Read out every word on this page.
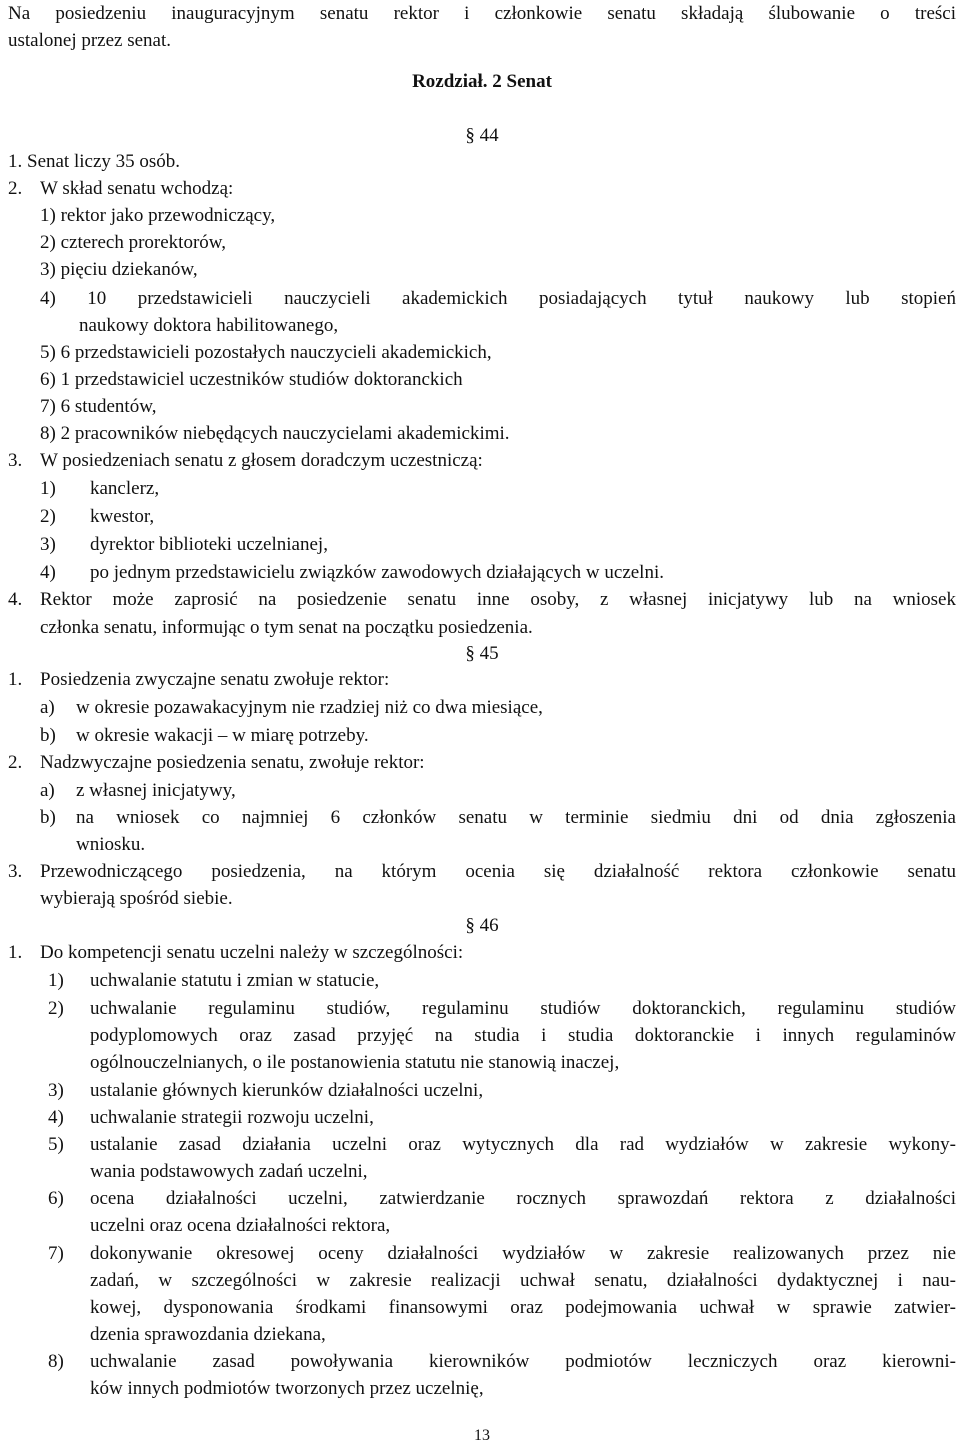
Na posiedzeniu inauguracyjnym senatu rektor i członkowie senatu składają ślubowanie o treści
ustalonej przez senat.
Rozdział. 2 Senat
§ 44
1. Senat liczy 35 osób.
2. W skład senatu wchodzą:
1) rektor jako przewodniczący,
2) czterech prorektorów,
3) pięciu dziekanów,
4) 10 przedstawicieli nauczycieli akademickich posiadających tytuł naukowy lub stopień
naukowy doktora habilitowanego,
5) 6 przedstawicieli pozostałych nauczycieli akademickich,
6) 1 przedstawiciel uczestników studiów doktoranckich
7) 6 studentów,
8) 2 pracowników niebędących nauczycielami akademickimi.
3. W posiedzeniach senatu z głosem doradczym uczestniczą:
1) kanclerz,
2) kwestor,
3) dyrektor biblioteki uczelnianej,
4) po jednym przedstawicielu związków zawodowych działających w uczelni.
4. Rektor może zaprosić na posiedzenie senatu inne osoby, z własnej inicjatywy lub na wniosek
członka senatu, informując o tym senat na początku posiedzenia.
§ 45
1. Posiedzenia zwyczajne senatu zwołuje rektor:
a) w okresie pozawakacyjnym nie rzadziej niż co dwa miesiące,
b) w okresie wakacji – w miarę potrzeby.
2. Nadzwyczajne posiedzenia senatu, zwołuje rektor:
a) z własnej inicjatywy,
b) na wniosek co najmniej 6 członków senatu w terminie siedmiu dni od dnia zgłoszenia
wniosku.
3. Przewodniczącego posiedzenia, na którym ocenia się działalność rektora członkowie senatu
wybierają spośród siebie.
§ 46
1. Do kompetencji senatu uczelni należy w szczególności:
1) uchwalanie statutu i zmian w statucie,
2) uchwalanie regulaminu studiów, regulaminu studiów doktoranckich, regulaminu studiów
podyplomowych oraz zasad przyjęć na studia i studia doktoranckie i innych regulaminów
ogólnouczelnianych, o ile postanowienia statutu nie stanowią inaczej,
3) ustalanie głównych kierunków działalności uczelni,
4) uchwalanie strategii rozwoju uczelni,
5) ustalanie zasad działania uczelni oraz wytycznych dla rad wydziałów w zakresie wykony-
wania podstawowych zadań uczelni,
6) ocena działalności uczelni, zatwierdzanie rocznych sprawozdań rektora z działalności
uczelni oraz ocena działalności rektora,
7) dokonywanie okresowej oceny działalności wydziałów w zakresie realizowanych przez nie
zadań, w szczególności w zakresie realizacji uchwał senatu, działalności dydaktycznej i nau-
kowej, dysponowania środkami finansowymi oraz podejmowania uchwał w sprawie zatwier-
dzenia sprawozdania dziekana,
8) uchwalanie zasad powoływania kierowników podmiotów leczniczych oraz kierowni-
ków innych podmiotów tworzonych przez uczelnię,
13
